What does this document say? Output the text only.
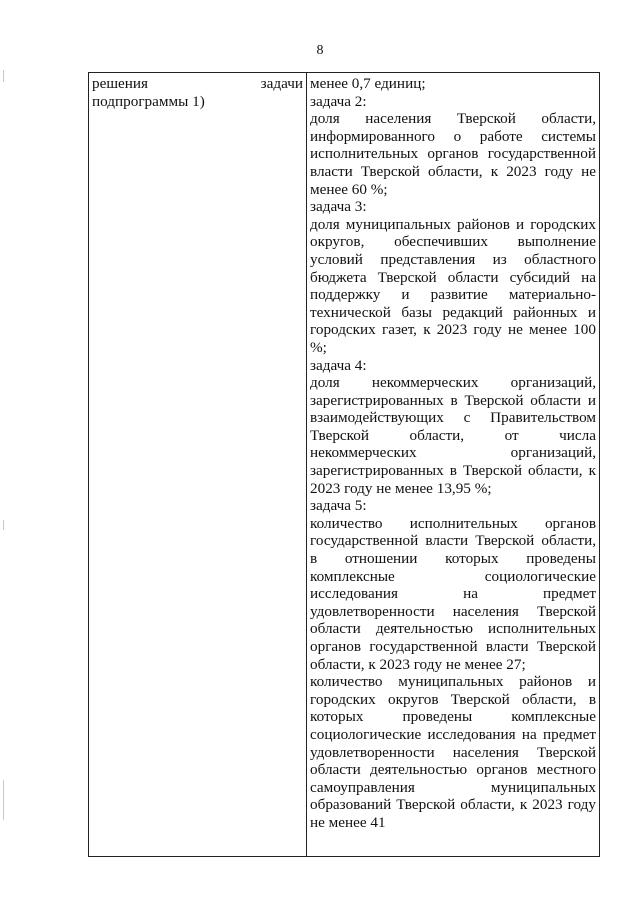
8
решения задачи
подпрограммы 1)

менее 0,7 единиц;
задача 2:
доля населения Тверской области, информированного о работе системы исполнительных органов государственной власти Тверской области, к 2023 году не менее 60 %;
задача 3:
доля муниципальных районов и городских округов, обеспечивших выполнение условий представления из областного бюджета Тверской области субсидий на поддержку и развитие материально-технической базы редакций районных и городских газет, к 2023 году не менее 100 %;
задача 4:
доля некоммерческих организаций, зарегистрированных в Тверской области и взаимодействующих с Правительством Тверской области, от числа некоммерческих организаций, зарегистрированных в Тверской области, к 2023 году не менее 13,95 %;
задача 5:
количество исполнительных органов государственной власти Тверской области, в отношении которых проведены комплексные социологические исследования на предмет удовлетворенности населения Тверской области деятельностью исполнительных органов государственной власти Тверской области, к 2023 году не менее 27;
количество муниципальных районов и городских округов Тверской области, в которых проведены комплексные социологические исследования на предмет удовлетворенности населения Тверской области деятельностью органов местного самоуправления муниципальных образований Тверской области, к 2023 году не менее 41
